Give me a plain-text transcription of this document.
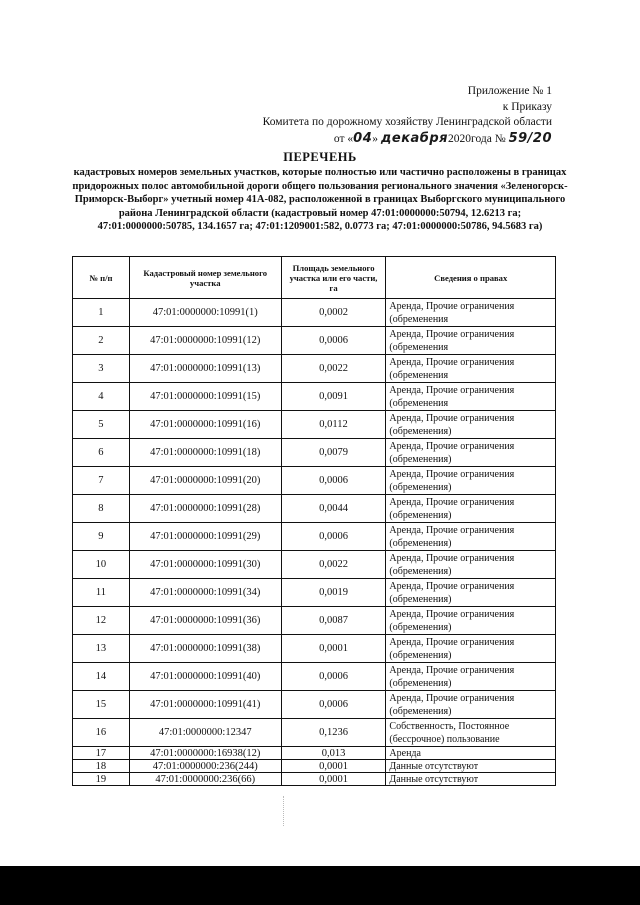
Приложение № 1
к Приказу
Комитета по дорожному хозяйству Ленинградской области
от «04» декабря2020года № 59/20
ПЕРЕЧЕНЬ
кадастровых номеров земельных участков, которые полностью или частично расположены в границах придорожных полос автомобильной дороги общего пользования регионального значения «Зеленогорск-Приморск-Выборг» учетный номер 41А-082, расположенной в границах Выборгского муниципального района Ленинградской области (кадастровый номер 47:01:0000000:50794, 12.6213 га; 47:01:0000000:50785, 134.1657 га; 47:01:1209001:582, 0.0773 га; 47:01:0000000:50786, 94.5683 га)
№ п/п	Кадастровый номер земельного участка	Площадь земельного участка или его части, га	Сведения о правах
1	47:01:0000000:10991(1)	0,0002	Аренда, Прочие ограничения (обременения
2	47:01:0000000:10991(12)	0,0006	Аренда, Прочие ограничения (обременения
3	47:01:0000000:10991(13)	0,0022	Аренда, Прочие ограничения (обременения
4	47:01:0000000:10991(15)	0,0091	Аренда, Прочие ограничения (обременения
5	47:01:0000000:10991(16)	0,0112	Аренда, Прочие ограничения (обременения)
6	47:01:0000000:10991(18)	0,0079	Аренда, Прочие ограничения (обременения)
7	47:01:0000000:10991(20)	0,0006	Аренда, Прочие ограничения (обременения)
8	47:01:0000000:10991(28)	0,0044	Аренда, Прочие ограничения (обременения)
9	47:01:0000000:10991(29)	0,0006	Аренда, Прочие ограничения (обременения)
10	47:01:0000000:10991(30)	0,0022	Аренда, Прочие ограничения (обременения)
11	47:01:0000000:10991(34)	0,0019	Аренда, Прочие ограничения (обременения)
12	47:01:0000000:10991(36)	0,0087	Аренда, Прочие ограничения (обременения)
13	47:01:0000000:10991(38)	0,0001	Аренда, Прочие ограничения (обременения)
14	47:01:0000000:10991(40)	0,0006	Аренда, Прочие ограничения (обременения)
15	47:01:0000000:10991(41)	0,0006	Аренда, Прочие ограничения (обременения)
16	47:01:0000000:12347	0,1236	Собственность, Постоянное (бессрочное) пользование
17	47:01:0000000:16938(12)	0,013	Аренда
18	47:01:0000000:236(244)	0,0001	Данные отсутствуют
19	47:01:0000000:236(66)	0,0001	Данные отсутствуют
